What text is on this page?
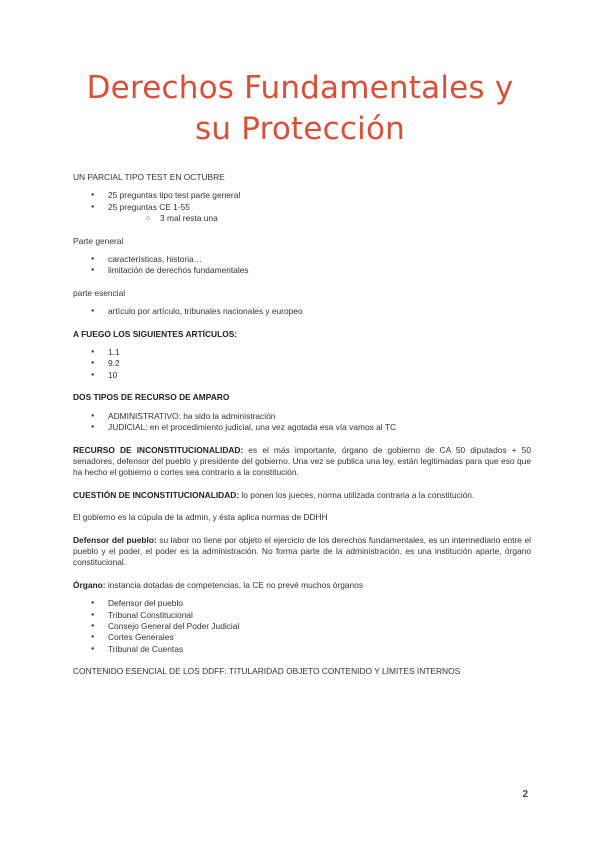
Derechos Fundamentales y
su Protección

UN PARCIAL TIPO TEST EN OCTUBRE

● 25 preguntas tipo test parte general
● 25 preguntas CE 1-55
○ 3 mal resta una

Parte general

● características, historia…
● limitación de derechos fundamentales

parte esencial

● artículo por artículo, tribunales nacionales y europeo

A FUEGO LOS SIGUIENTES ARTÍCULOS:

● 1.1
● 9.2
● 10

DOS TIPOS DE RECURSO DE AMPARO

● ADMINISTRATIVO: ha sido la administración
● JUDICIAL: en el procedimiento judicial, una vez agotada esa vía vamos al TC

RECURSO DE INCONSTITUCIONALIDAD: es el más importante, órgano de gobierno de CA 50 diputados + 50 senadores, defensor del pueblo y presidente del gobierno. Una vez se publica una ley, están legitimadas para que eso que ha hecho el gobierno o cortes sea contrario a la constitución.

CUESTIÓN DE INCONSTITUCIONALIDAD: lo ponen los jueces, norma utilizada contraria a la constitución.

El gobierno es la cúpula de la admin, y ésta aplica normas de DDHH

Defensor del pueblo: su labor no tiene por objeto el ejercicio de los derechos fundamentales, es un intermediario entre el pueblo y el poder, el poder es la administración. No forma parte de la administración, es una institución aparte, órgano constitucional.

Órgano: instancia dotadas de competencias, la CE no prevé muchos órganos

● Defensor del pueblo
● Tribunal Constitucional
● Consejo General del Poder Judicial
● Cortes Generales
● Tribunal de Cuentas

CONTENIDO ESENCIAL DE LOS DDFF: TITULARIDAD OBJETO CONTENIDO Y LÍMITES INTERNOS

2
